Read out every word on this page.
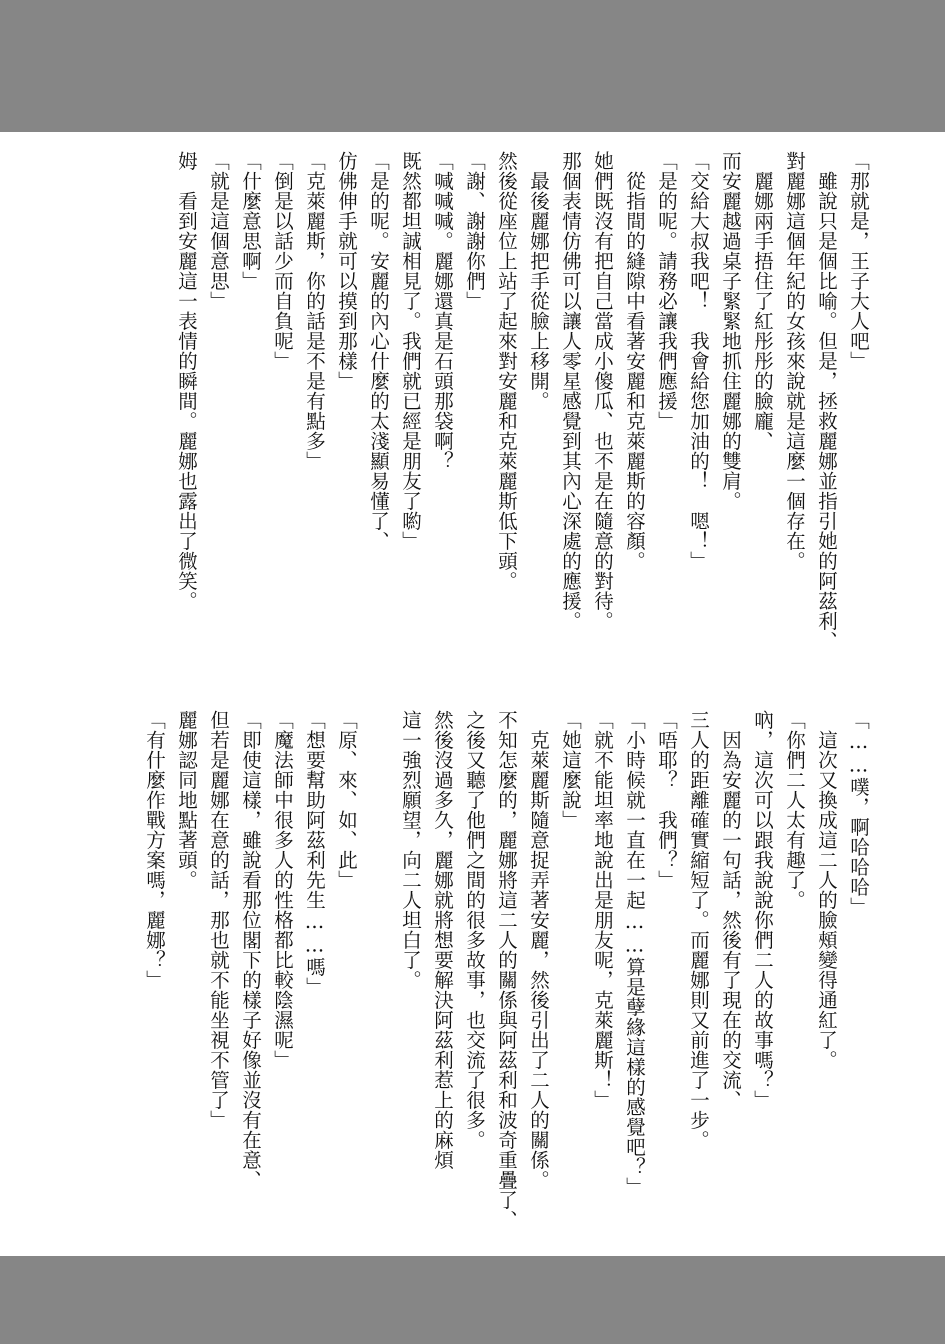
「那就是，王子大人吧」
　雖說只是個比喻。但是，拯救麗娜並指引她的阿茲利、
對麗娜這個年紀的女孩來說就是這麼一個存在。
　麗娜兩手捂住了紅彤彤的臉龐、
而安麗越過桌子緊緊地抓住麗娜的雙肩。
「交給大叔我吧！　我會給您加油的！　嗯！」
「是的呢。請務必讓我們應援」
　從指間的縫隙中看著安麗和克萊麗斯的容顏。
她們既沒有把自己當成小傻瓜、也不是在隨意的對待。
那個表情仿佛可以讓人零星感覺到其內心深處的應援。
　最後麗娜把手從臉上移開。
然後從座位上站了起來對安麗和克萊麗斯低下頭。
「謝、謝謝你們」
「喊喊喊。麗娜還真是石頭那袋啊？
既然都坦誠相見了。我們就已經是朋友了喲」
「是的呢。安麗的內心什麼的太淺顯易懂了、
仿佛伸手就可以摸到那樣」
「克萊麗斯，你的話是不是有點多」
「倒是以話少而自負呢」
「什麼意思啊」
「就是這個意思」
姆　看到安麗這一表情的瞬間。麗娜也露出了微笑。
「……噗，啊哈哈哈」
　這次又換成這二人的臉頰變得通紅了。
「你們二人太有趣了。
吶，這次可以跟我說說你們二人的故事嗎？」
　因為安麗的一句話，然後有了現在的交流、
三人的距離確實縮短了。而麗娜則又前進了一步。
「唔耶？　我們？」
「小時候就一直在一起……算是孽緣這樣的感覺吧？」
「就不能坦率地說出是朋友呢，克萊麗斯！」
「她這麼說」
　克萊麗斯隨意捉弄著安麗，然後引出了二人的關係。
不知怎麼的，麗娜將這二人的關係與阿茲利和波奇重疊了、
之後又聽了他們之間的很多故事，也交流了很多。
然後沒過多久，麗娜就將想要解決阿茲利惹上的麻煩
這一強烈願望，向二人坦白了。
「原、來、如、此」
「想要幫助阿茲利先生……嗎」
「魔法師中很多人的性格都比較陰濕呢」
「即使這樣，雖說看那位閣下的樣子好像並沒有在意、
但若是麗娜在意的話，那也就不能坐視不管了」
麗娜認同地點著頭。
「有什麼作戰方案嗎，麗娜？」
